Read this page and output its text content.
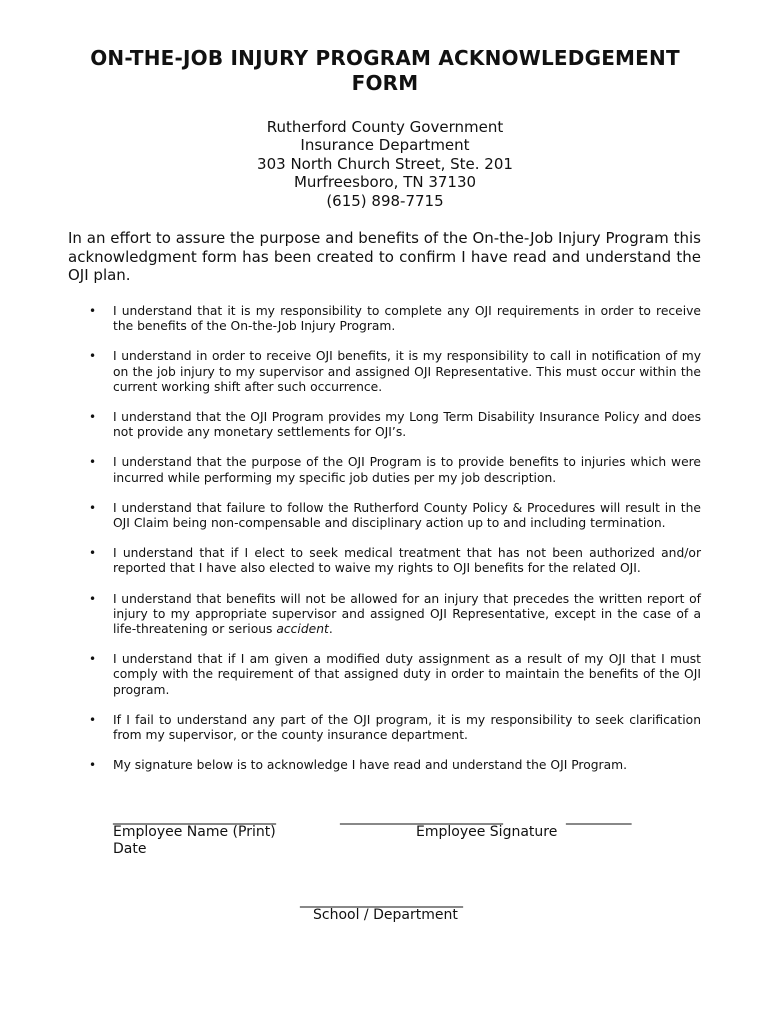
ON-THE-JOB INJURY PROGRAM ACKNOWLEDGEMENT FORM
Rutherford County Government
Insurance Department
303 North Church Street, Ste. 201
Murfreesboro, TN 37130
(615) 898-7715
In an effort to assure the purpose and benefits of the On-the-Job Injury Program this acknowledgment form has been created to confirm I have read and understand the OJI plan.
• I understand that it is my responsibility to complete any OJI requirements in order to receive the benefits of the On-the-Job Injury Program.
• I understand in order to receive OJI benefits, it is my responsibility to call in notification of my on the job injury to my supervisor and assigned OJI Representative. This must occur within the current working shift after such occurrence.
• I understand that the OJI Program provides my Long Term Disability Insurance Policy and does not provide any monetary settlements for OJI’s.
• I understand that the purpose of the OJI Program is to provide benefits to injuries which were incurred while performing my specific job duties per my job description.
• I understand that failure to follow the Rutherford County Policy & Procedures will result in the OJI Claim being non-compensable and disciplinary action up to and including termination.
• I understand that if I elect to seek medical treatment that has not been authorized and/or reported that I have also elected to waive my rights to OJI benefits for the related OJI.
• I understand that benefits will not be allowed for an injury that precedes the written report of injury to my appropriate supervisor and assigned OJI Representative, except in the case of a life-threatening or serious accident.
• I understand that if I am given a modified duty assignment as a result of my OJI that I must comply with the requirement of that assigned duty in order to maintain the benefits of the OJI program.
• If I fail to understand any part of the OJI program, it is my responsibility to seek clarification from my supervisor, or the county insurance department.
• My signature below is to acknowledge I have read and understand the OJI Program.
_________________________	_________________________	__________
Employee Name (Print)	Employee Signature
Date
_________________________
School / Department
